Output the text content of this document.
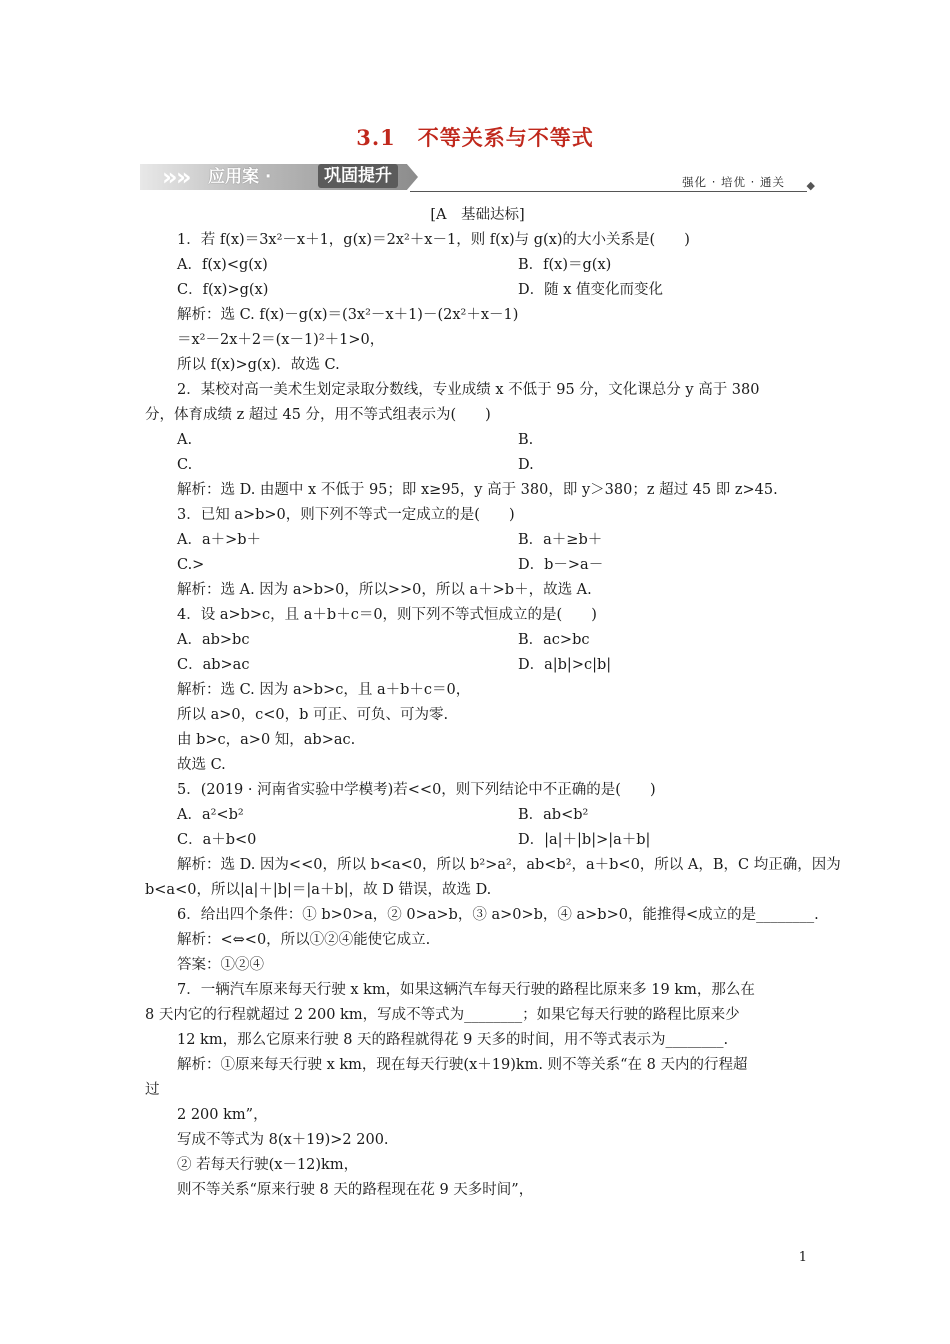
3.1　不等关系与不等式
»
» 应用案 ·	巩固提升	强化 · 培优 · 通关 ◆
[A　基础达标]
1．若 f(x)＝3x²－x＋1，g(x)＝2x²＋x－1，则 f(x)与 g(x)的大小关系是(　　)
A．f(x)<g(x)	B．f(x)＝g(x)
C．f(x)>g(x)	D．随 x 值变化而变化
解析：选 C. f(x)－g(x)＝(3x²－x＋1)－(2x²＋x－1)
＝x²－2x＋2＝(x－1)²＋1>0，
所以 f(x)>g(x)．故选 C.
2．某校对高一美术生划定录取分数线，专业成绩 x 不低于 95 分，文化课总分 y 高于 380
分，体育成绩 z 超过 45 分，用不等式组表示为(　　)
A.	B.
C.	D.
解析：选 D. 由题中 x 不低于 95；即 x≥95，y 高于 380，即 y＞380；z 超过 45 即 z>45.
3．已知 a>b>0，则下列不等式一定成立的是(　　)
A．a＋>b＋	B．a＋≥b＋
C.>	D．b－>a－
解析：选 A. 因为 a>b>0，所以>>0，所以 a＋>b＋，故选 A.
4．设 a>b>c，且 a＋b＋c＝0，则下列不等式恒成立的是(　　)
A．ab>bc	B．ac>bc
C．ab>ac	D．a|b|>c|b|
解析：选 C. 因为 a>b>c，且 a＋b＋c＝0，
所以 a>0，c<0，b 可正、可负、可为零.
由 b>c，a>0 知，ab>ac.
故选 C.
5．(2019 · 河南省实验中学模考)若<<0，则下列结论中不正确的是(　　)
A．a²<b²	B．ab<b²
C．a＋b<0	D．|a|＋|b|>|a＋b|
解析：选 D. 因为<<0，所以 b<a<0，所以 b²>a²，ab<b²，a＋b<0，所以 A，B，C 均正确，因为
b<a<0，所以|a|＋|b|＝|a＋b|，故 D 错误，故选 D.
6．给出四个条件：① b>0>a，② 0>a>b，③ a>0>b，④ a>b>0，能推得<成立的是________.
解析：<⇔<0，所以①②④能使它成立.
答案：①②④
7．一辆汽车原来每天行驶 x km，如果这辆汽车每天行驶的路程比原来多 19 km，那么在
8 天内它的行程就超过 2 200 km，写成不等式为________；如果它每天行驶的路程比原来少
12 km，那么它原来行驶 8 天的路程就得花 9 天多的时间，用不等式表示为________.
解析：①原来每天行驶 x km，现在每天行驶(x＋19)km. 则不等关系“在 8 天内的行程超
过
2 200 km”，
写成不等式为 8(x＋19)>2 200.
② 若每天行驶(x－12)km，
则不等关系“原来行驶 8 天的路程现在花 9 天多时间”，
1
